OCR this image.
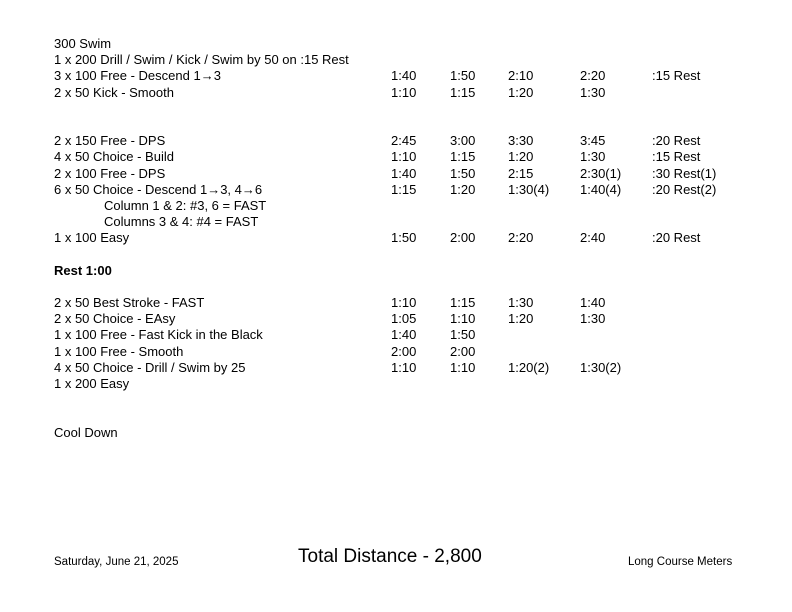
300 Swim
1 x 200 Drill / Swim / Kick / Swim by 50 on :15 Rest
3 x 100 Free - Descend 1→3	1:40	1:50	2:10	2:20	:15 Rest
2 x 50 Kick - Smooth	1:10	1:15	1:20	1:30
2 x 150 Free - DPS	2:45	3:00	3:30	3:45	:20 Rest
4 x 50 Choice - Build	1:10	1:15	1:20	1:30	:15 Rest
2 x 100 Free - DPS	1:40	1:50	2:15	2:30(1) :30 Rest(1)
6 x 50 Choice - Descend 1→3, 4→6	1:15	1:20	1:30(4) 1:40(4) :20 Rest(2)
Column 1 & 2: #3, 6 = FAST
Columns 3 & 4: #4 = FAST
1 x 100 Easy	1:50	2:00	2:20	2:40	:20 Rest
Rest 1:00
2 x 50 Best Stroke - FAST	1:10	1:15	1:30	1:40
2 x 50 Choice - EAsy	1:05	1:10	1:20	1:30
1 x 100 Free - Fast Kick in the Black	1:40	1:50
1 x 100 Free - Smooth	2:00	2:00
4 x 50 Choice - Drill / Swim by 25	1:10	1:10	1:20(2) 1:30(2)
1 x 200 Easy
Cool Down
Saturday, June 21, 2025	Total Distance - 2,800	Long Course Meters
